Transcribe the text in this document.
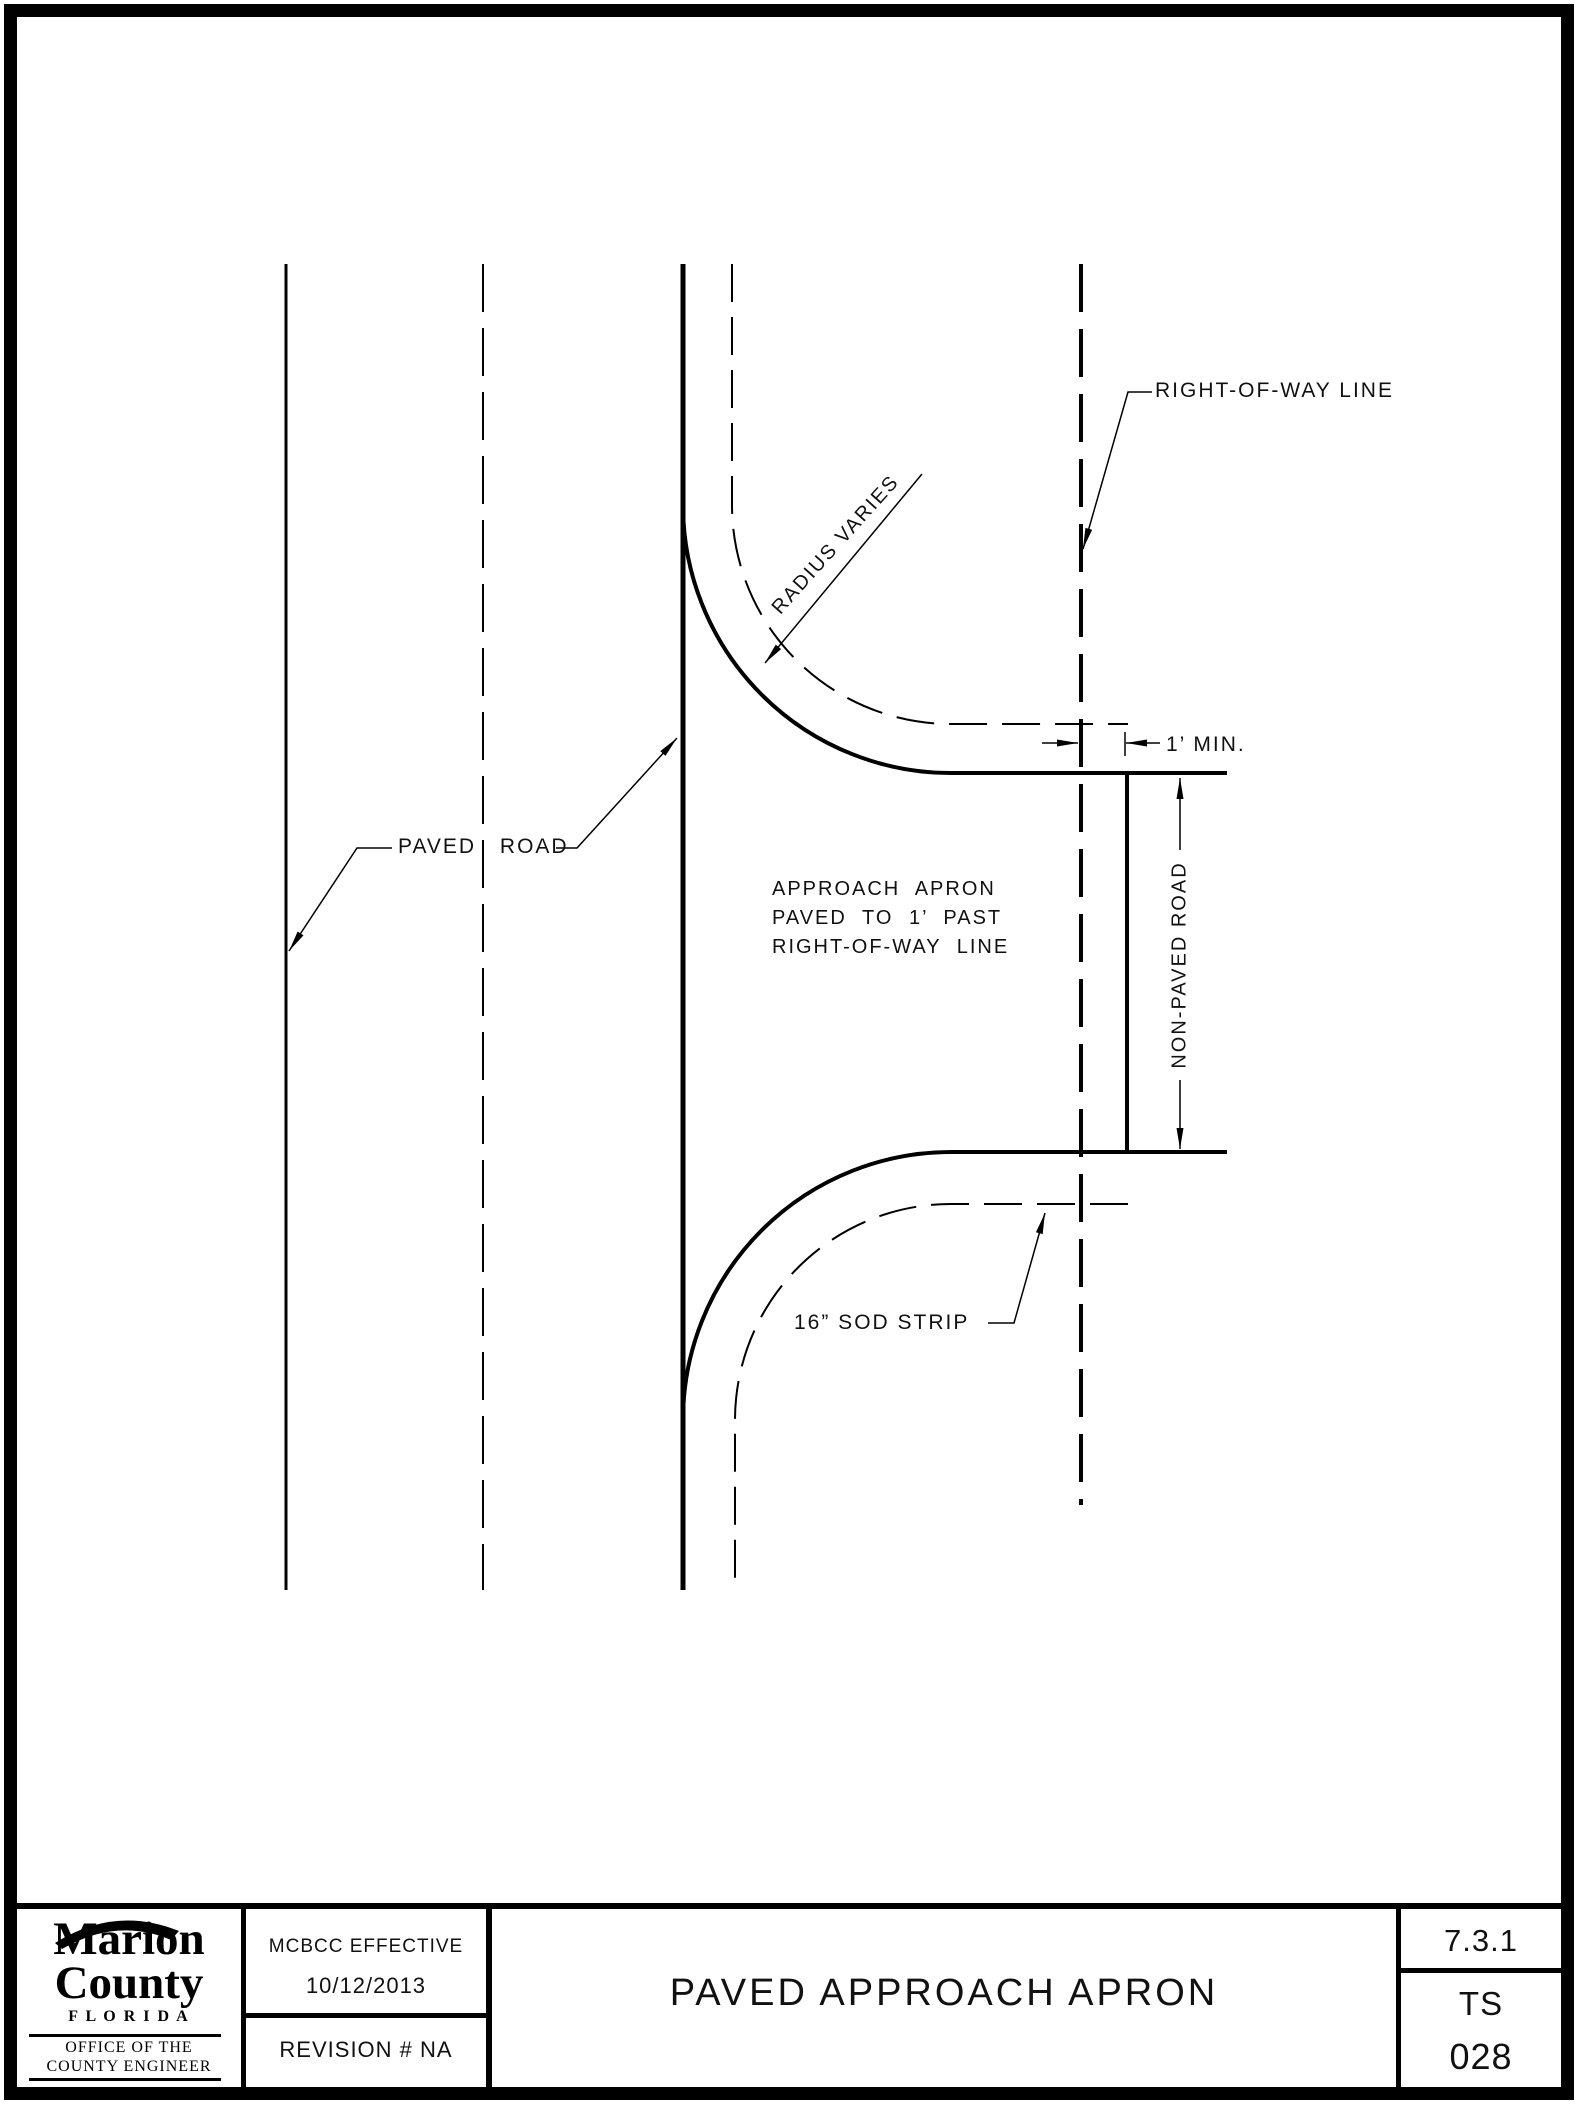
RIGHT-OF-WAY LINE
RADIUS VARIES
1’ MIN.
PAVED ROAD
APPROACH APRON
PAVED TO 1’ PAST
RIGHT-OF-WAY LINE	NON-PAVED ROAD
16” SOD STRIP
Marion
County
F L O R I D A
OFFICE OF THE
COUNTY ENGINEER
MCBCC EFFECTIVE
10/12/2013
REVISION # NA
PAVED APPROACH APRON
7.3.1
TS
028
